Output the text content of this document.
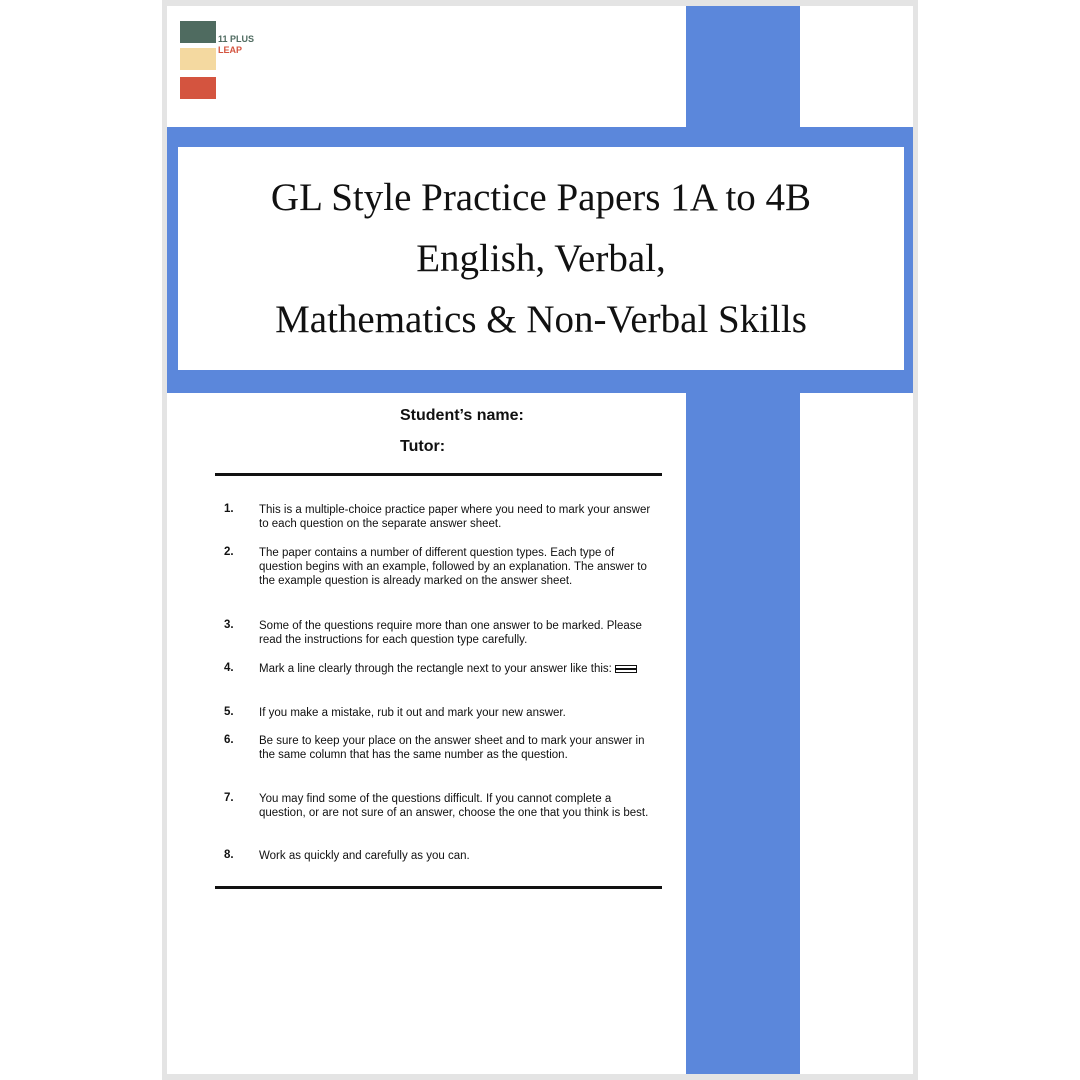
11 PLUS
LEAP
GL Style Practice Papers 1A to 4B
English, Verbal,
Mathematics & Non-Verbal Skills
Student’s name:
Tutor:
1. This is a multiple-choice practice paper where you need to mark your answer to each question on the separate answer sheet.
2. The paper contains a number of different question types. Each type of question begins with an example, followed by an explanation. The answer to the example question is already marked on the answer sheet.
3. Some of the questions require more than one answer to be marked. Please read the instructions for each question type carefully.
4. Mark a line clearly through the rectangle next to your answer like this:
5. If you make a mistake, rub it out and mark your new answer.
6. Be sure to keep your place on the answer sheet and to mark your answer in the same column that has the same number as the question.
7. You may find some of the questions difficult. If you cannot complete a question, or are not sure of an answer, choose the one that you think is best.
8. Work as quickly and carefully as you can.
